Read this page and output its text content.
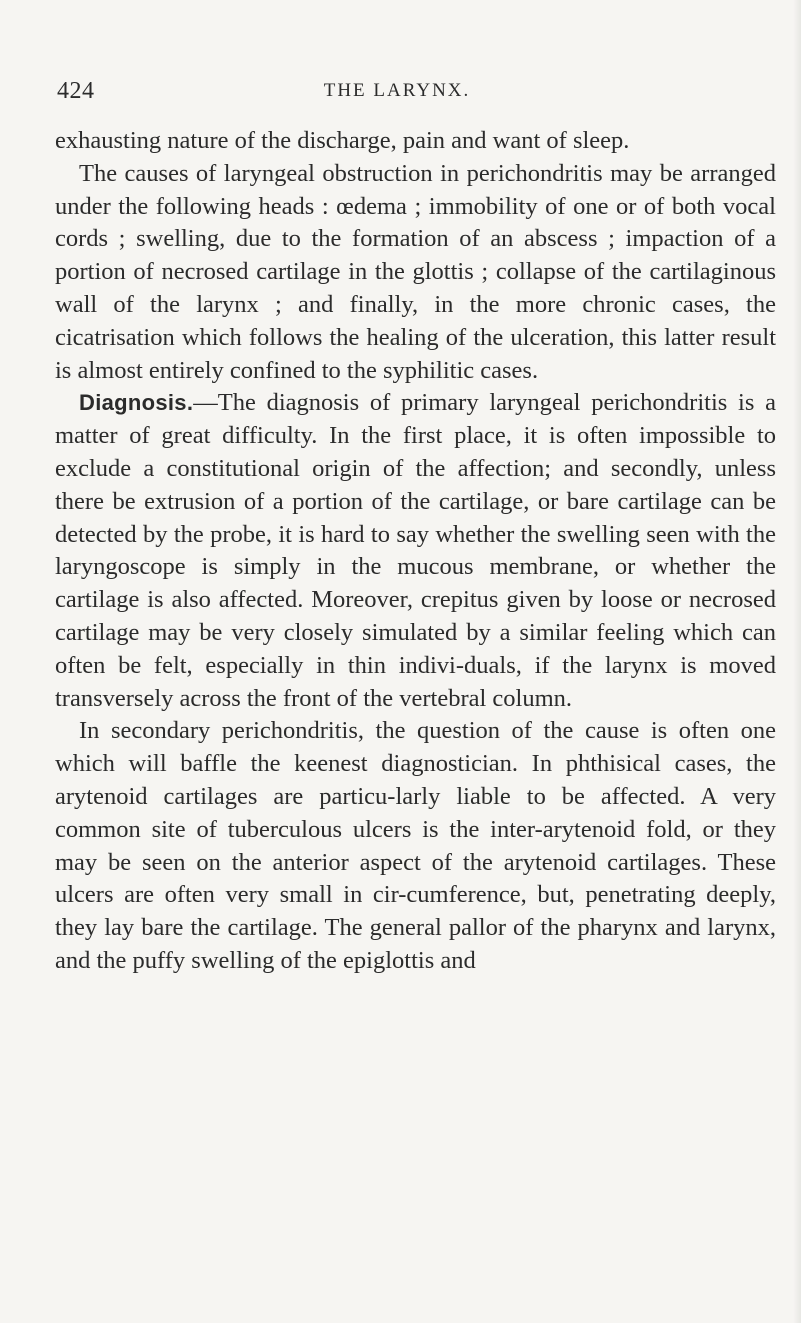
424	THE LARYNX.

exhausting nature of the discharge, pain and want of sleep.

The causes of laryngeal obstruction in perichondritis may be arranged under the following heads : œdema ; immobility of one or of both vocal cords ; swelling, due to the formation of an abscess ; impaction of a portion of necrosed cartilage in the glottis ; collapse of the cartilaginous wall of the larynx ; and finally, in the more chronic cases, the cicatrisation which follows the healing of the ulceration, this latter result is almost entirely confined to the syphilitic cases.

Diagnosis.—The diagnosis of primary laryngeal perichondritis is a matter of great difficulty. In the first place, it is often impossible to exclude a constitutional origin of the affection; and secondly, unless there be extrusion of a portion of the cartilage, or bare cartilage can be detected by the probe, it is hard to say whether the swelling seen with the laryngoscope is simply in the mucous membrane, or whether the cartilage is also affected. Moreover, crepitus given by loose or necrosed cartilage may be very closely simulated by a similar feeling which can often be felt, especially in thin indivi-duals, if the larynx is moved transversely across the front of the vertebral column.

In secondary perichondritis, the question of the cause is often one which will baffle the keenest diagnostician. In phthisical cases, the arytenoid cartilages are particu-larly liable to be affected. A very common site of tuberculous ulcers is the inter-arytenoid fold, or they may be seen on the anterior aspect of the arytenoid cartilages. These ulcers are often very small in cir-cumference, but, penetrating deeply, they lay bare the cartilage. The general pallor of the pharynx and larynx, and the puffy swelling of the epiglottis and
